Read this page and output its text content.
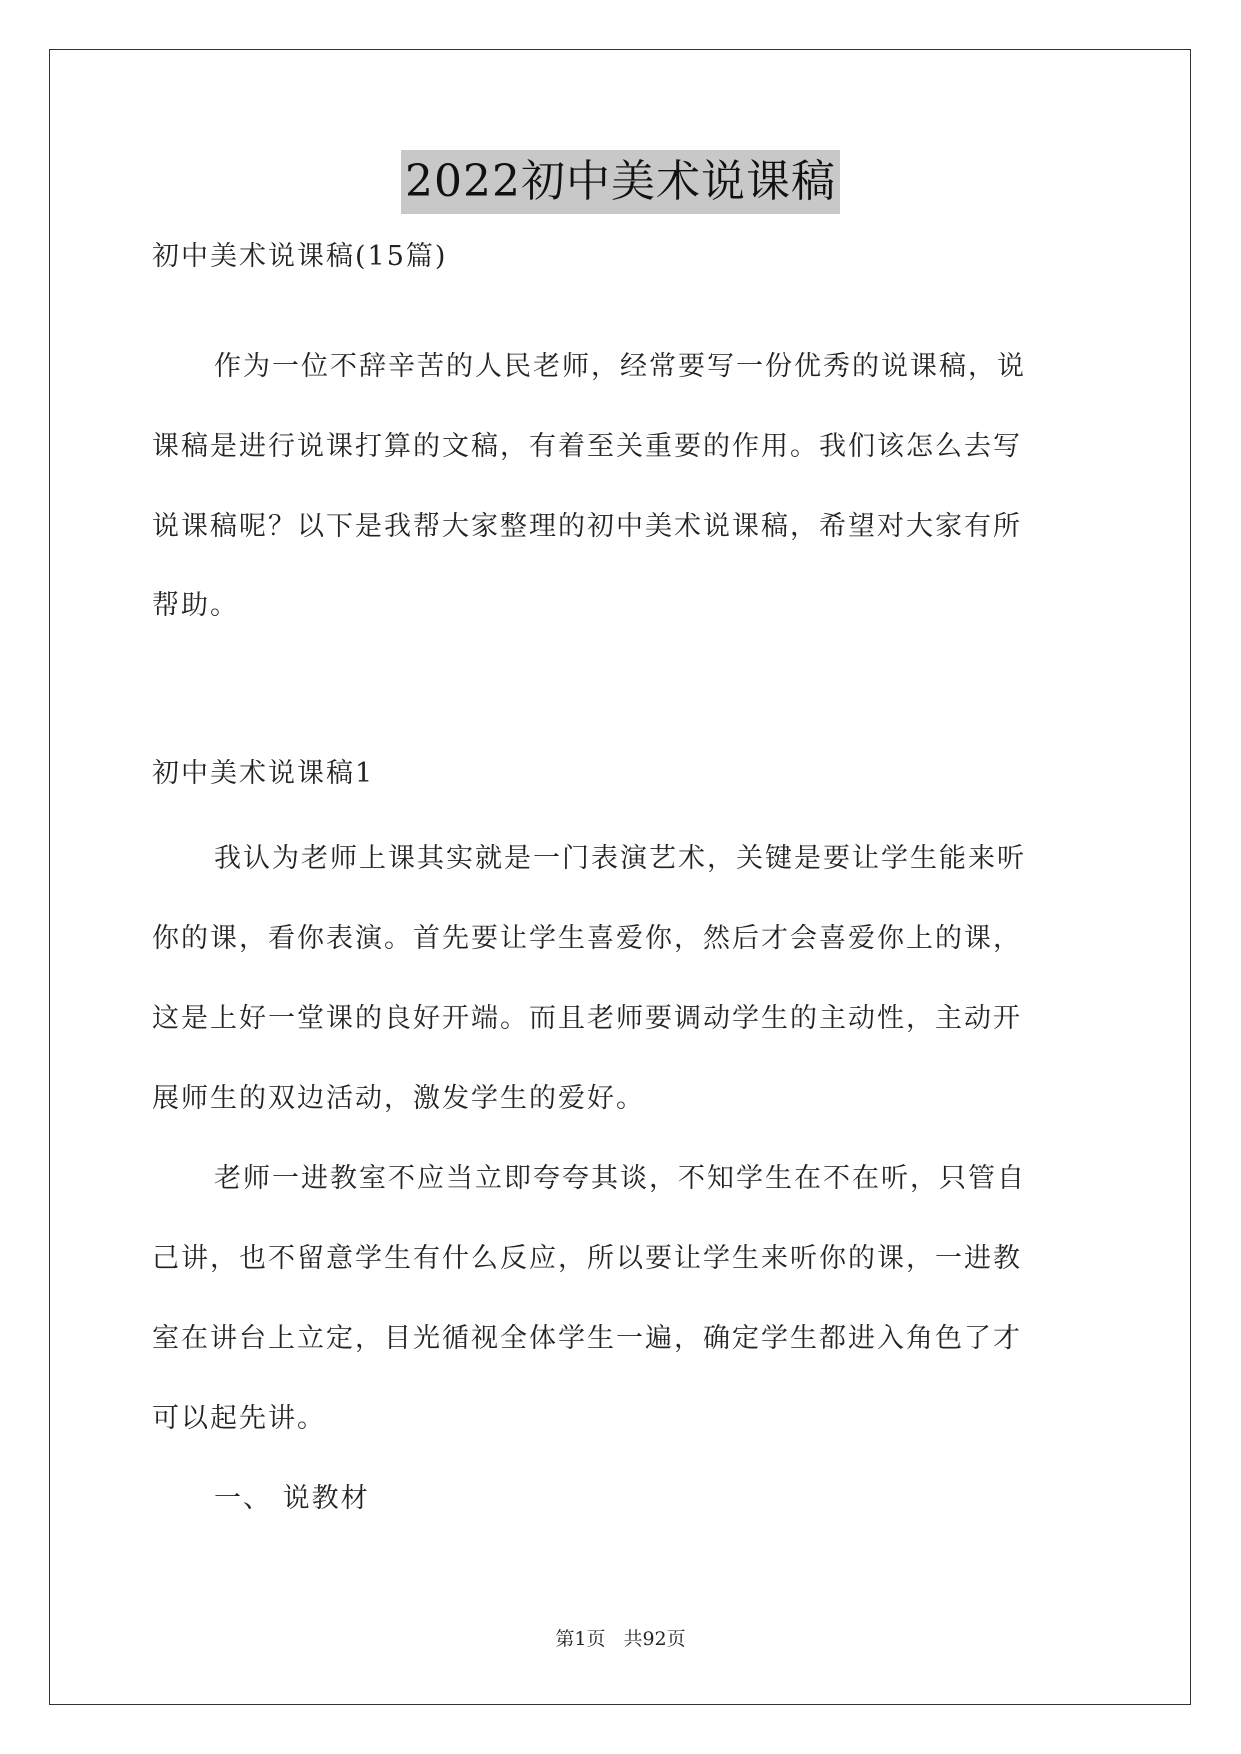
2022初中美术说课稿
初中美术说课稿(15篇)
作为一位不辞辛苦的人民老师，经常要写一份优秀的说课稿，说
课稿是进行说课打算的文稿，有着至关重要的作用。我们该怎么去写
说课稿呢？以下是我帮大家整理的初中美术说课稿，希望对大家有所
帮助。
初中美术说课稿1
我认为老师上课其实就是一门表演艺术，关键是要让学生能来听
你的课，看你表演。首先要让学生喜爱你，然后才会喜爱你上的课，
这是上好一堂课的良好开端。而且老师要调动学生的主动性，主动开
展师生的双边活动，激发学生的爱好。
老师一进教室不应当立即夸夸其谈，不知学生在不在听，只管自
己讲，也不留意学生有什么反应，所以要让学生来听你的课，一进教
室在讲台上立定，目光循视全体学生一遍，确定学生都进入角色了才
可以起先讲。
一、 说教材
第1页 共92页
